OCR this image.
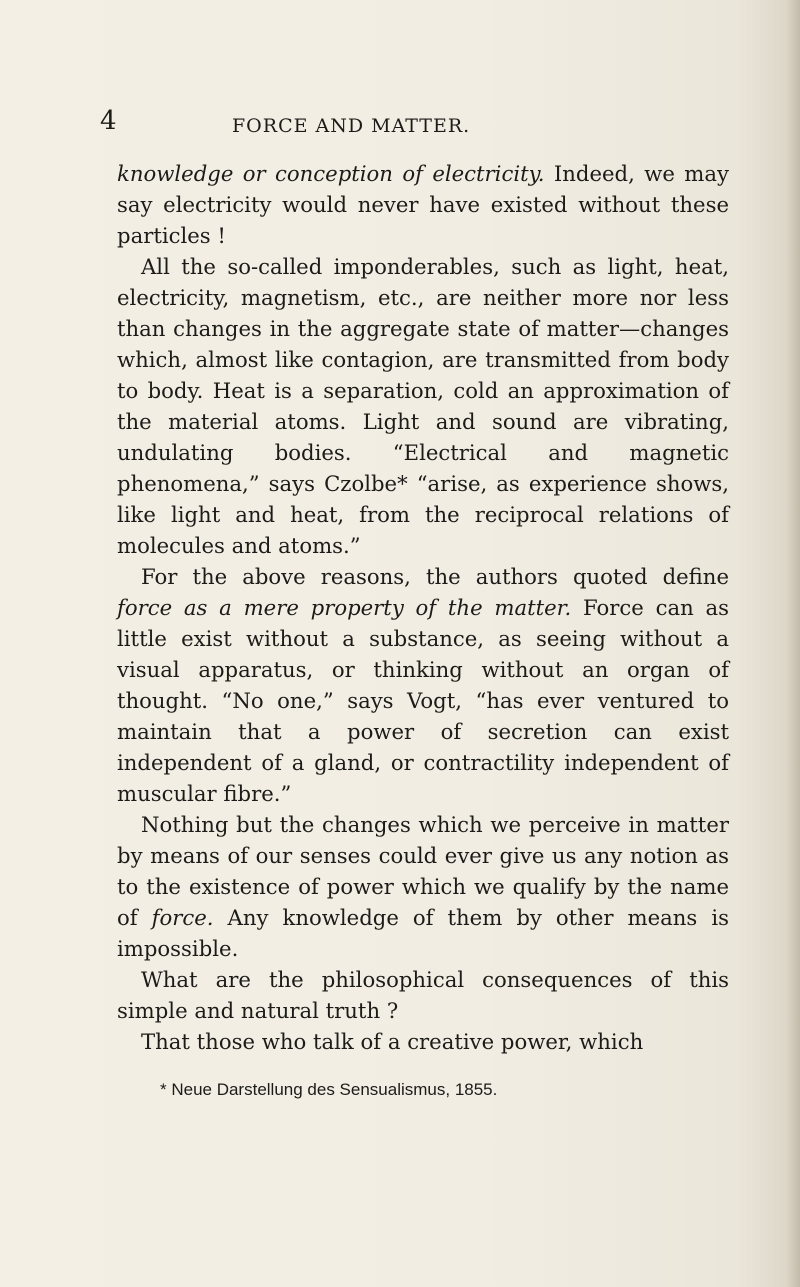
4	FORCE AND MATTER.

knowledge or conception of electricity. Indeed, we may say electricity would never have existed without these particles !

All the so-called imponderables, such as light, heat, electricity, magnetism, etc., are neither more nor less than changes in the aggregate state of matter—changes which, almost like contagion, are transmitted from body to body. Heat is a separation, cold an approximation of the material atoms. Light and sound are vibrating, undulating bodies. “Electrical and magnetic phenomena,” says Czolbe* “arise, as experience shows, like light and heat, from the reciprocal relations of molecules and atoms.”

For the above reasons, the authors quoted define force as a mere property of the matter. Force can as little exist without a substance, as seeing without a visual apparatus, or thinking without an organ of thought. “No one,” says Vogt, “has ever ventured to maintain that a power of secretion can exist independent of a gland, or contractility independent of muscular fibre.”

Nothing but the changes which we perceive in matter by means of our senses could ever give us any notion as to the existence of power which we qualify by the name of force. Any knowledge of them by other means is impossible.

What are the philosophical consequences of this simple and natural truth ?

That those who talk of a creative power, which

* Neue Darstellung des Sensualismus, 1855.
